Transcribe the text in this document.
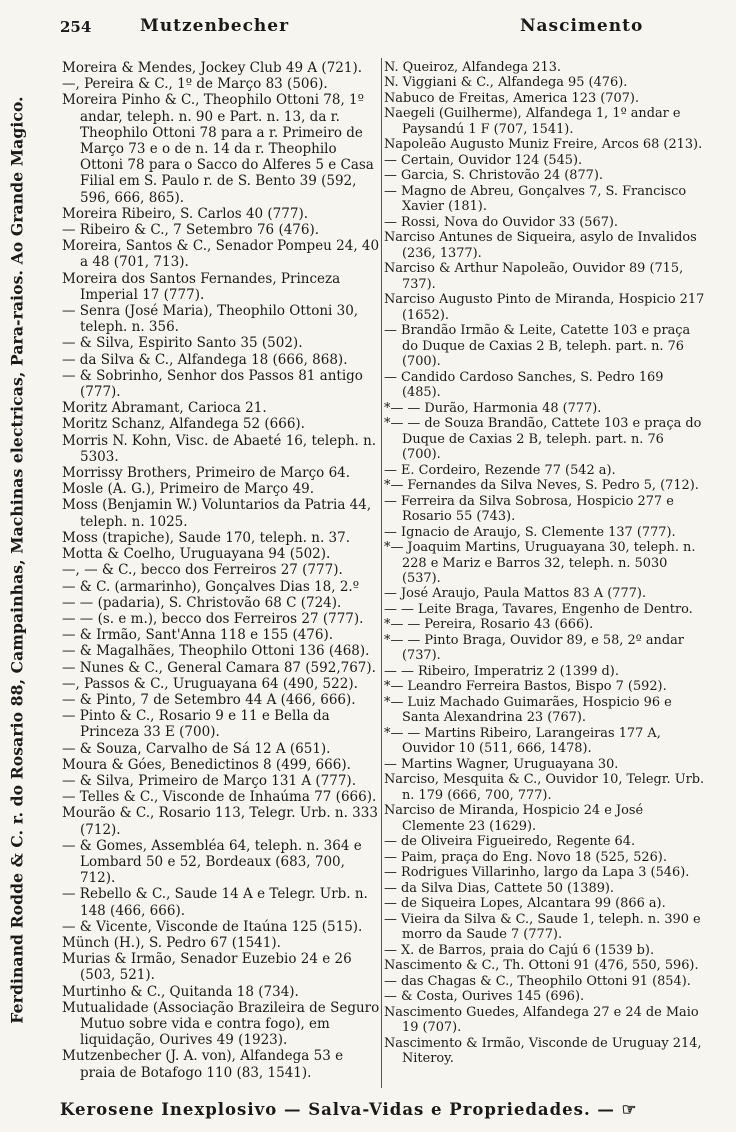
Ferdinand Rodde & C. r. do Rosario 88, Campainhas, Machinas electricas, Para-raios. Ao Grande Magico.
254	Mutzenbecher	Nascimento
Moreira & Mendes, Jockey Club 49 A (721).
—, Pereira & C., 1º de Março 83 (506).
Moreira Pinho & C., Theophilo Ottoni 78, 1º andar, teleph. n. 90 e Part. n. 13, da r. Theophilo Ottoni 78 para a r. Primeiro de Março 73 e o de n. 14 da r. Theophilo Ottoni 78 para o Sacco do Alferes 5 e Casa Filial em S. Paulo r. de S. Bento 39 (592, 596, 666, 865).
Moreira Ribeiro, S. Carlos 40 (777).
— Ribeiro & C., 7 Setembro 76 (476).
Moreira, Santos & C., Senador Pompeu 24, 40 a 48 (701, 713).
Moreira dos Santos Fernandes, Princeza Imperial 17 (777).
— Senra (José Maria), Theophilo Ottoni 30, teleph. n. 356.
— & Silva, Espirito Santo 35 (502).
— da Silva & C., Alfandega 18 (666, 868).
— & Sobrinho, Senhor dos Passos 81 antigo (777).
Moritz Abramant, Carioca 21.
Moritz Schanz, Alfandega 52 (666).
Morris N. Kohn, Visc. de Abaeté 16, teleph. n. 5303.
Morrissy Brothers, Primeiro de Março 64.
Mosle (A. G.), Primeiro de Março 49.
Moss (Benjamin W.) Voluntarios da Patria 44, teleph. n. 1025.
Moss (trapiche), Saude 170, teleph. n. 37.
Motta & Coelho, Uruguayana 94 (502).
—, — & C., becco dos Ferreiros 27 (777).
— & C. (armarinho), Gonçalves Dias 18, 2.º
— — (padaria), S. Christovão 68 C (724).
— — (s. e m.), becco dos Ferreiros 27 (777).
— & Irmão, Sant'Anna 118 e 155 (476).
— & Magalhães, Theophilo Ottoni 136 (468).
— Nunes & C., General Camara 87 (592,767).
—, Passos & C., Uruguayana 64 (490, 522).
— & Pinto, 7 de Setembro 44 A (466, 666).
— Pinto & C., Rosario 9 e 11 e Bella da Princeza 33 E (700).
— & Souza, Carvalho de Sá 12 A (651).
Moura & Góes, Benedictinos 8 (499, 666).
— & Silva, Primeiro de Março 131 A (777).
— Telles & C., Visconde de Inhaúma 77 (666).
Mourão & C., Rosario 113, Telegr. Urb. n. 333 (712).
— & Gomes, Assembléa 64, teleph. n. 364 e Lombard 50 e 52, Bordeaux (683, 700, 712).
— Rebello & C., Saude 14 A e Telegr. Urb. n. 148 (466, 666).
— & Vicente, Visconde de Itaúna 125 (515).
Münch (H.), S. Pedro 67 (1541).
Murias & Irmão, Senador Euzebio 24 e 26 (503, 521).
Murtinho & C., Quitanda 18 (734).
Mutualidade (Associação Brazileira de Seguro Mutuo sobre vida e contra fogo), em liquidação, Ourives 49 (1923).
Mutzenbecher (J. A. von), Alfandega 53 e praia de Botafogo 110 (83, 1541).
N. Queiroz, Alfandega 213.
N. Viggiani & C., Alfandega 95 (476).
Nabuco de Freitas, America 123 (707).
Naegeli (Guilherme), Alfandega 1, 1º andar e Paysandú 1 F (707, 1541).
Napoleão Augusto Muniz Freire, Arcos 68 (213).
— Certain, Ouvidor 124 (545).
— Garcia, S. Christovão 24 (877).
— Magno de Abreu, Gonçalves 7, S. Francisco Xavier (181).
— Rossi, Nova do Ouvidor 33 (567).
Narciso Antunes de Siqueira, asylo de Invalidos (236, 1377).
Narciso & Arthur Napoleão, Ouvidor 89 (715, 737).
Narciso Augusto Pinto de Miranda, Hospicio 217 (1652).
— Brandão Irmão & Leite, Catette 103 e praça do Duque de Caxias 2 B, teleph. part. n. 76 (700).
— Candido Cardoso Sanches, S. Pedro 169 (485).
*— — Durão, Harmonia 48 (777).
*— — de Souza Brandão, Cattete 103 e praça do Duque de Caxias 2 B, teleph. part. n. 76 (700).
— E. Cordeiro, Rezende 77 (542 a).
*— Fernandes da Silva Neves, S. Pedro 5, (712).
— Ferreira da Silva Sobrosa, Hospicio 277 e Rosario 55 (743).
— Ignacio de Araujo, S. Clemente 137 (777).
*— Joaquim Martins, Uruguayana 30, teleph. n. 228 e Mariz e Barros 32, teleph. n. 5030 (537).
— José Araujo, Paula Mattos 83 A (777).
— — Leite Braga, Tavares, Engenho de Dentro.
*— — Pereira, Rosario 43 (666).
*— — Pinto Braga, Ouvidor 89, e 58, 2º andar (737).
— — Ribeiro, Imperatriz 2 (1399 d).
*— Leandro Ferreira Bastos, Bispo 7 (592).
*— Luiz Machado Guimarães, Hospicio 96 e Santa Alexandrina 23 (767).
*— — Martins Ribeiro, Larangeiras 177 A, Ouvidor 10 (511, 666, 1478).
— Martins Wagner, Uruguayana 30.
Narciso, Mesquita & C., Ouvidor 10, Telegr. Urb. n. 179 (666, 700, 777).
Narciso de Miranda, Hospicio 24 e José Clemente 23 (1629).
— de Oliveira Figueiredo, Regente 64.
— Paim, praça do Eng. Novo 18 (525, 526).
— Rodrigues Villarinho, largo da Lapa 3 (546).
— da Silva Dias, Cattete 50 (1389).
— de Siqueira Lopes, Alcantara 99 (866 a).
— Vieira da Silva & C., Saude 1, teleph. n. 390 e morro da Saude 7 (777).
— X. de Barros, praia do Cajú 6 (1539 b).
Nascimento & C., Th. Ottoni 91 (476, 550, 596).
— das Chagas & C., Theophilo Ottoni 91 (854).
— & Costa, Ourives 145 (696).
Nascimento Guedes, Alfandega 27 e 24 de Maio 19 (707).
Nascimento & Irmão, Visconde de Uruguay 214, Niteroy.
Kerosene Inexplosivo — Salva-Vidas e Propriedades. — ☞
